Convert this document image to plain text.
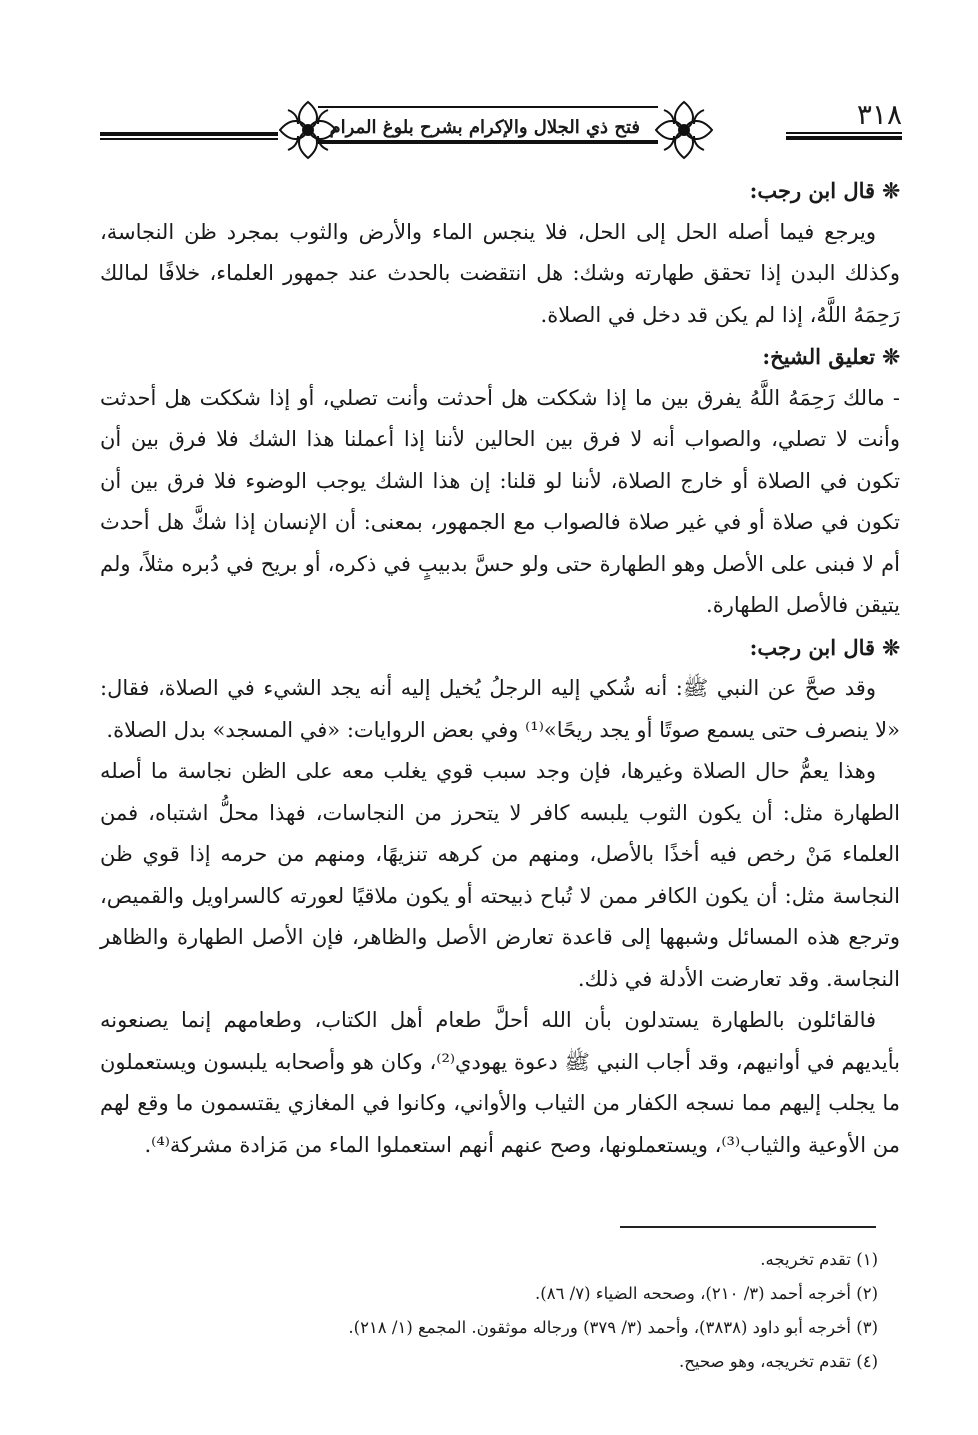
٣١٨
فتح ذي الجلال والإكرام بشرح بلوغ المرام

❊ قال ابن رجب:

ويرجع فيما أصله الحل إلى الحل، فلا ينجس الماء والأرض والثوب بمجرد ظن النجاسة، وكذلك البدن إذا تحقق طهارته وشك: هل انتقضت بالحدث عند جمهور العلماء، خلافًا لمالك رَحِمَهُ اللَّهُ، إذا لم يكن قد دخل في الصلاة.

❊ تعليق الشيخ:

- مالك رَحِمَهُ اللَّهُ يفرق بين ما إذا شككت هل أحدثت وأنت تصلي، أو إذا شككت هل أحدثت وأنت لا تصلي، والصواب أنه لا فرق بين الحالين لأننا إذا أعملنا هذا الشك فلا فرق بين أن تكون في الصلاة أو خارج الصلاة، لأننا لو قلنا: إن هذا الشك يوجب الوضوء فلا فرق بين أن تكون في صلاة أو في غير صلاة فالصواب مع الجمهور، بمعنى: أن الإنسان إذا شكَّ هل أحدث أم لا فبنى على الأصل وهو الطهارة حتى ولو حسَّ بدبيبٍ في ذكره، أو بريح في دُبره مثلاً، ولم يتيقن فالأصل الطهارة.

❊ قال ابن رجب:

وقد صحَّ عن النبي ﷺ: أنه شُكي إليه الرجلُ يُخيل إليه أنه يجد الشيء في الصلاة، فقال: «لا ينصرف حتى يسمع صوتًا أو يجد ريحًا»⁽¹⁾ وفي بعض الروايات: «في المسجد» بدل الصلاة.

وهذا يعمُّ حال الصلاة وغيرها، فإن وجد سبب قوي يغلب معه على الظن نجاسة ما أصله الطهارة مثل: أن يكون الثوب يلبسه كافر لا يتحرز من النجاسات، فهذا محلُّ اشتباه، فمن العلماء مَنْ رخص فيه أخذًا بالأصل، ومنهم من كرهه تنزيهًا، ومنهم من حرمه إذا قوي ظن النجاسة مثل: أن يكون الكافر ممن لا تُباح ذبيحته أو يكون ملاقيًا لعورته كالسراويل والقميص، وترجع هذه المسائل وشبهها إلى قاعدة تعارض الأصل والظاهر، فإن الأصل الطهارة والظاهر النجاسة. وقد تعارضت الأدلة في ذلك.

فالقائلون بالطهارة يستدلون بأن الله أحلَّ طعام أهل الكتاب، وطعامهم إنما يصنعونه بأيديهم في أوانيهم، وقد أجاب النبي ﷺ دعوة يهودي⁽²⁾، وكان هو وأصحابه يلبسون ويستعملون ما يجلب إليهم مما نسجه الكفار من الثياب والأواني، وكانوا في المغازي يقتسمون ما وقع لهم من الأوعية والثياب⁽³⁾، ويستعملونها، وصح عنهم أنهم استعملوا الماء من مَزادة مشركة⁽⁴⁾.

(١) تقدم تخريجه.

(٢) أخرجه أحمد (٣/ ٢١٠)، وصححه الضياء (٧/ ٨٦).

(٣) أخرجه أبو داود (٣٨٣٨)، وأحمد (٣/ ٣٧٩) ورجاله موثقون. المجمع (١/ ٢١٨).

(٤) تقدم تخريجه، وهو صحيح.
